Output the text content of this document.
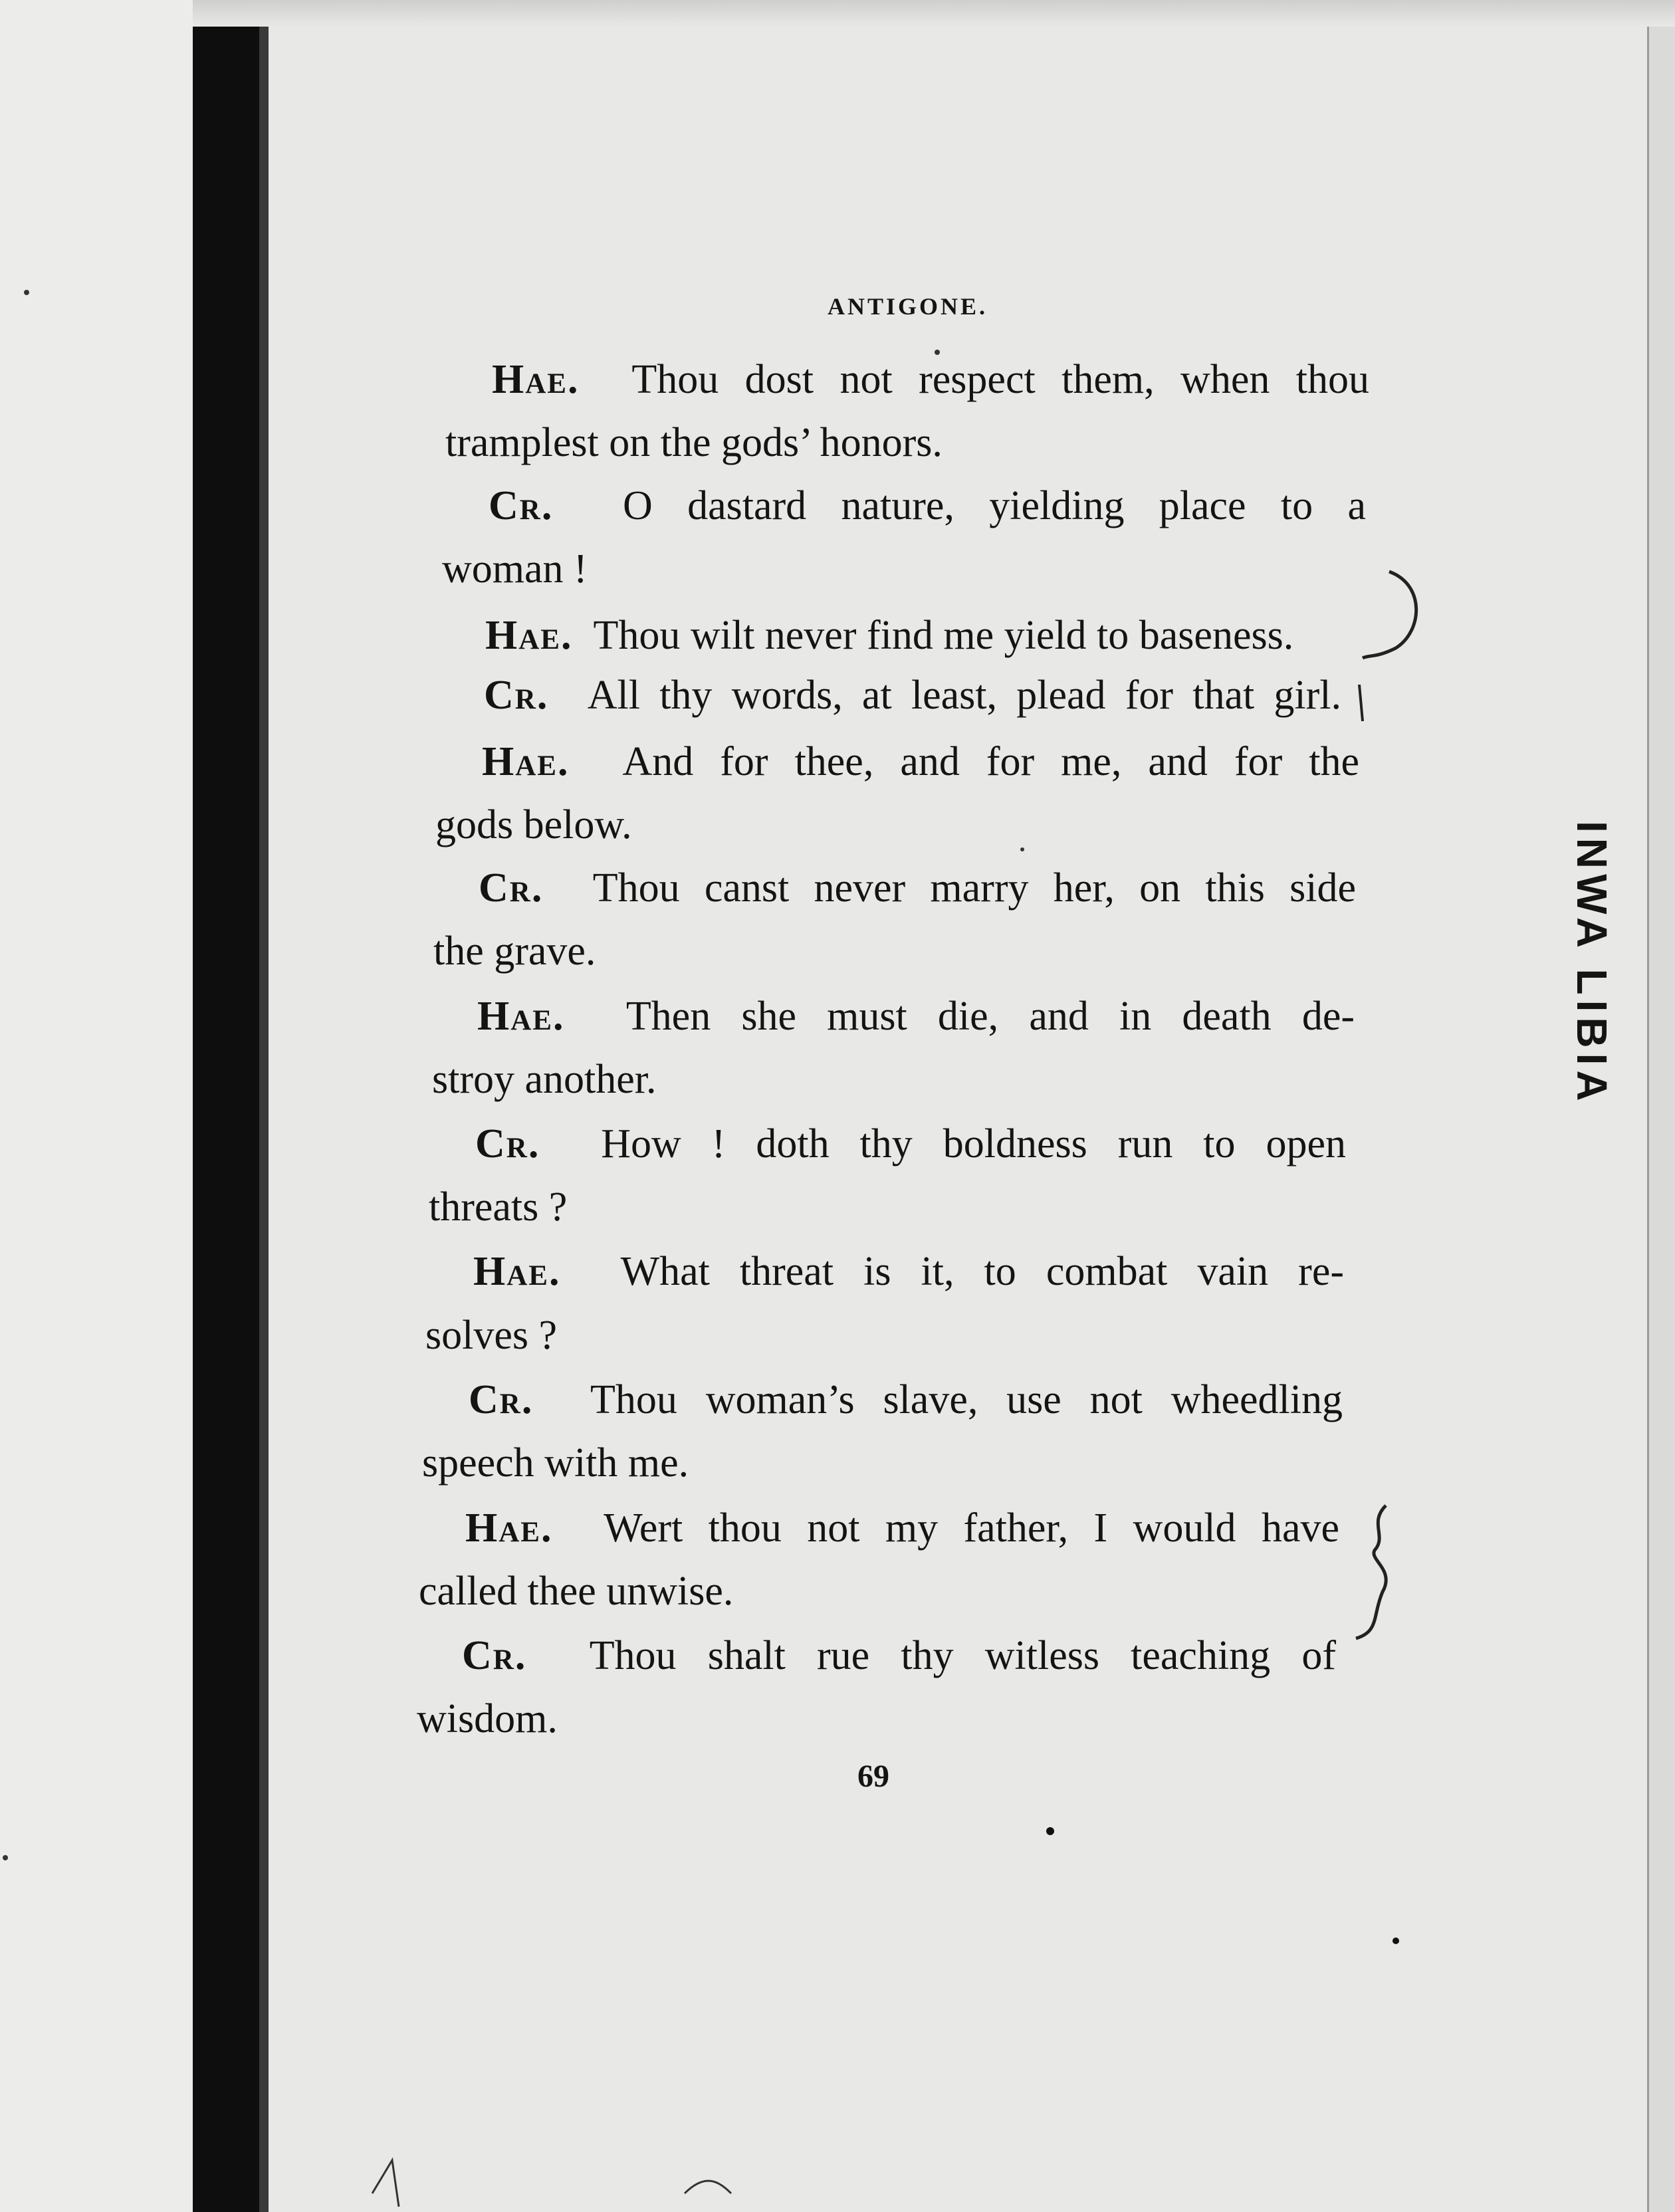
ANTIGONE.
Hae. Thou dost not respect them, when thou
tramplest on the gods’ honors.
Cr. O dastard nature, yielding place to a
woman !
Hae. Thou wilt never find me yield to baseness.
Cr. All thy words, at least, plead for that girl.
Hae. And for thee, and for me, and for the
gods below.
Cr. Thou canst never marry her, on this side
the grave.
Hae. Then she must die, and in death de-
stroy another.
Cr. How ! doth thy boldness run to open
threats ?
Hae. What threat is it, to combat vain re-
solves ?
Cr. Thou woman’s slave, use not wheedling
speech with me.
Hae. Wert thou not my father, I would have
called thee unwise.
Cr. Thou shalt rue thy witless teaching of
wisdom.
69
INWA LIBIA
